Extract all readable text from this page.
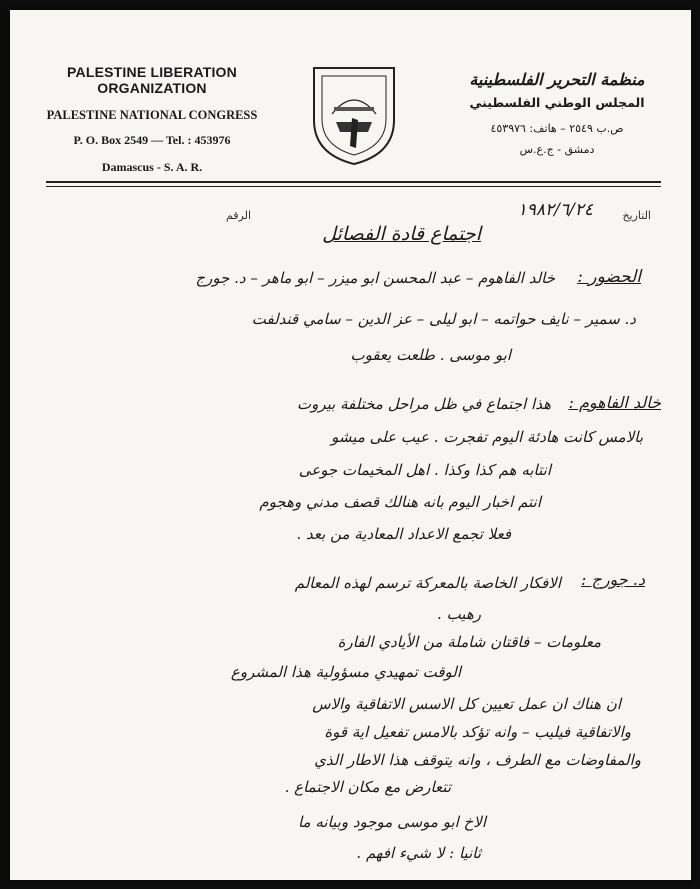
PALESTINE LIBERATION ORGANIZATION
PALESTINE NATIONAL CONGRESS
P. O. Box 2549 — Tel. : 453976
Damascus - S. A. R.
منظمة التحرير الفلسطينية
المجلس الوطني الفلسطيني
ص.ب ٢٥٤٩ – هاتف: ٤٥٣٩٧٦
دمشق - ج.ع.س
التاريخ
١٩٨٢/٦/٢٤
الرقم
اجتماع قادة الفصائل
الحضور :
خالد الفاهوم – عبد المحسن ابو ميزر – ابو ماهر – د. جورج
د. سمير – نايف حواتمه – ابو ليلى – عز الدين – سامي قندلفت
ابو موسى . طلعت يعقوب
خالد الفاهوم :
هذا اجتماع في ظل مراحل مختلفة بيروت
بالامس كانت هادئة اليوم تفجرت . عيب على ميشو
انتابه هم كذا وكذا . اهل المخيمات جوعى
انتم اخبار اليوم بانه هنالك قصف مدني وهجوم
فعلا تجمع الاعداد المعادية من بعد .
د. جورج :
الافكار الخاصة بالمعركة ترسم لهذه المعالم
رهيب .
معلومات – فاقتان شاملة من الأيادي الفارة
الوقت تمهيدي مسؤولية هذا المشروع
ان هناك ان عمل تعيين كل الاسس الاتفاقية والاس
والاتفاقية فيليب – وانه تؤكد بالامس تفعيل اية قوة
والمفاوضات مع الطرف ، وانه يتوقف هذا الاطار الذي
تتعارض مع مكان الاجتماع .
الاخ ابو موسى موجود وبيانه ما
ثانيا : لا شيء افهم .
